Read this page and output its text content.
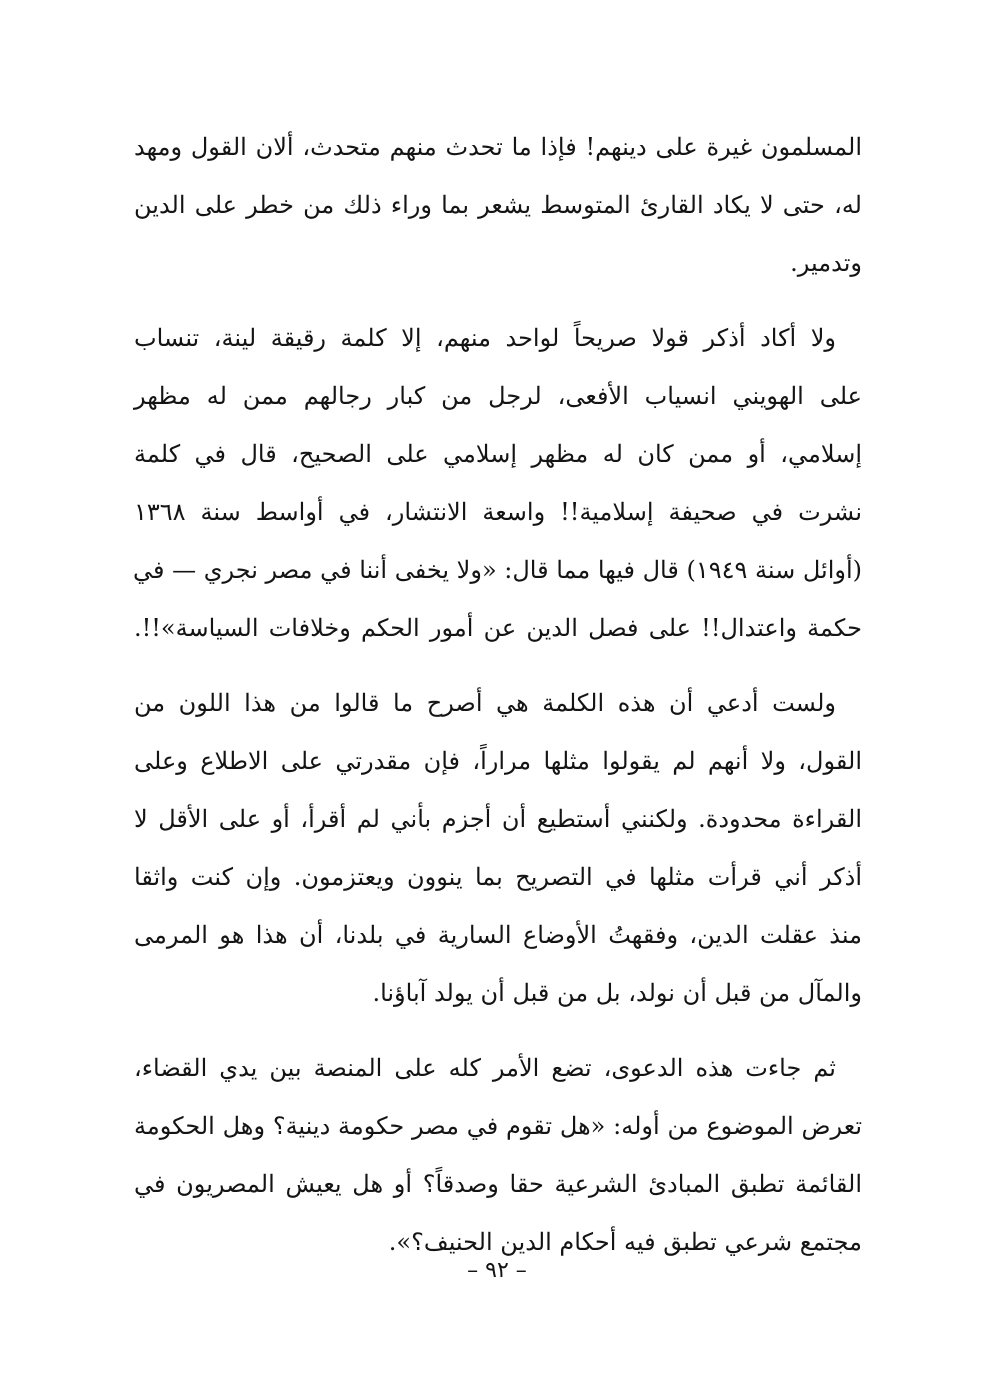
المسلمون غيرة على دينهم! فإذا ما تحدث منهم متحدث، ألان القول ومهد
له، حتى لا يكاد القارئ المتوسط يشعر بما وراء ذلك من خطر على الدين
وتدمير.
ولا أكاد أذكر قولا صريحاً لواحد منهم، إلا كلمة رقيقة لينة، تنساب
على الهويني انسياب الأفعى، لرجل من كبار رجالهم ممن له مظهر
إسلامي، أو ممن كان له مظهر إسلامي على الصحيح، قال في كلمة
نشرت في صحيفة إسلامية!! واسعة الانتشار، في أواسط سنة ١٣٦٨
(أوائل سنة ١٩٤٩) قال فيها مما قال: «ولا يخفى أننا في مصر نجري — في
حكمة واعتدال!! على فصل الدين عن أمور الحكم وخلافات السياسة»!!.
ولست أدعي أن هذه الكلمة هي أصرح ما قالوا من هذا اللون من
القول، ولا أنهم لم يقولوا مثلها مراراً، فإن مقدرتي على الاطلاع وعلى
القراءة محدودة. ولكنني أستطيع أن أجزم بأني لم أقرأ، أو على الأقل لا
أذكر أني قرأت مثلها في التصريح بما ينوون ويعتزمون. وإن كنت واثقا
منذ عقلت الدين، وفقهتُ الأوضاع السارية في بلدنا، أن هذا هو المرمى
والمآل من قبل أن نولد، بل من قبل أن يولد آباؤنا.
ثم جاءت هذه الدعوى، تضع الأمر كله على المنصة بين يدي القضاء،
تعرض الموضوع من أوله: «هل تقوم في مصر حكومة دينية؟ وهل الحكومة
القائمة تطبق المبادئ الشرعية حقا وصدقاً؟ أو هل يعيش المصريون في
مجتمع شرعي تطبق فيه أحكام الدين الحنيف؟».
– ٩٢ –
